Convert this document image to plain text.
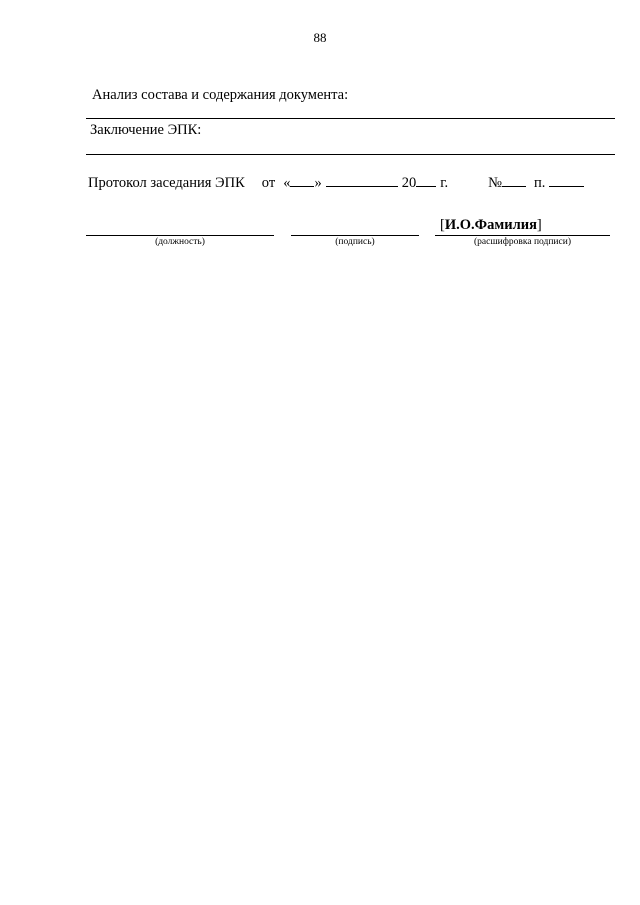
88
Анализ состава и содержания документа:
Заключение ЭПК:
Протокол заседания ЭПК от « »	20 г.	№ п.
[И.О.Фамилия]
(должность)	(подпись)	(расшифровка подписи)
